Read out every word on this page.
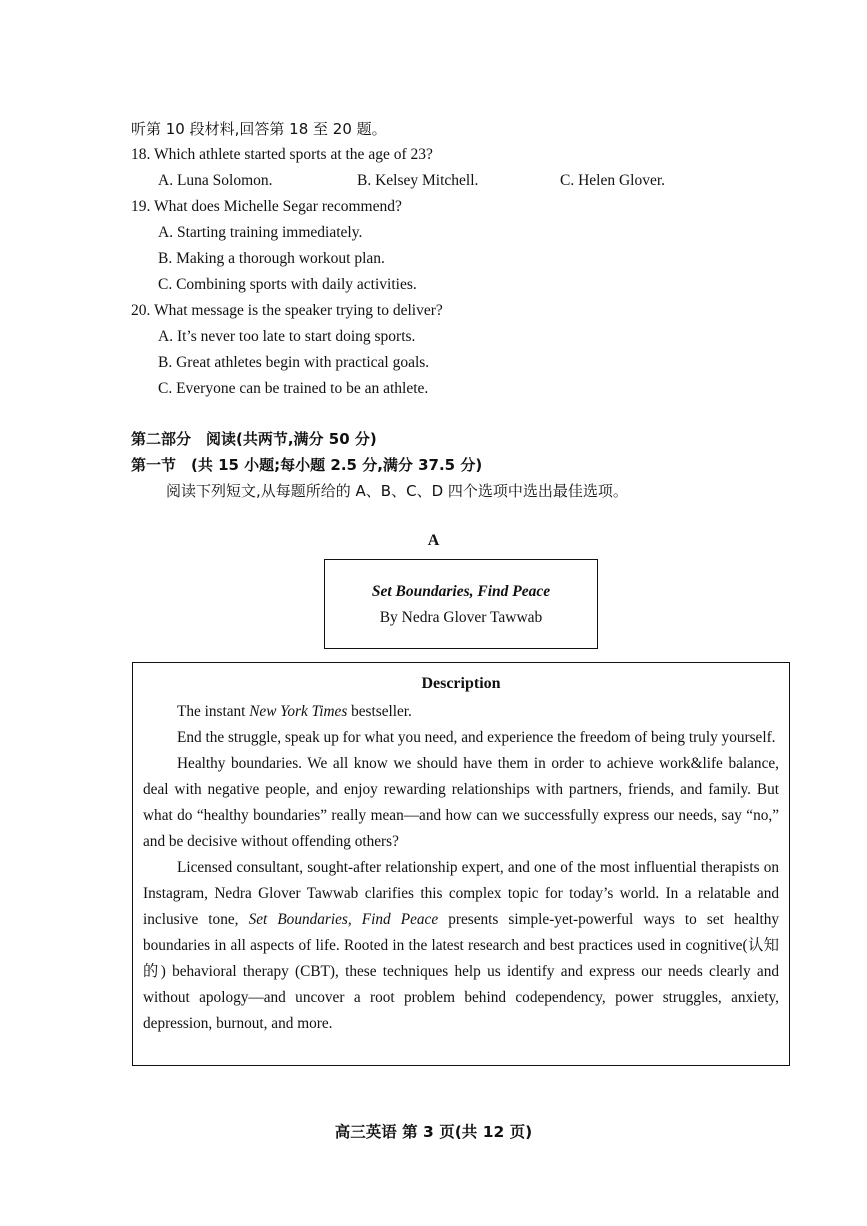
听第 10 段材料,回答第 18 至 20 题。
18. Which athlete started sports at the age of 23?
A. Luna Solomon.	B. Kelsey Mitchell.	C. Helen Glover.
19. What does Michelle Segar recommend?
A. Starting training immediately.
B. Making a thorough workout plan.
C. Combining sports with daily activities.
20. What message is the speaker trying to deliver?
A. It’s never too late to start doing sports.
B. Great athletes begin with practical goals.
C. Everyone can be trained to be an athlete.
第二部分　阅读(共两节,满分 50 分)
第一节　(共 15 小题;每小题 2.5 分,满分 37.5 分)
阅读下列短文,从每题所给的 A、B、C、D 四个选项中选出最佳选项。
A
Set Boundaries, Find Peace
By Nedra Glover Tawwab
Description

The instant New York Times bestseller.

End the struggle, speak up for what you need, and experience the freedom of being truly yourself.

Healthy boundaries. We all know we should have them in order to achieve work&life balance, deal with negative people, and enjoy rewarding relationships with partners, friends, and family. But what do “healthy boundaries” really mean—and how can we successfully express our needs, say “no,” and be decisive without offending others?

Licensed consultant, sought-after relationship expert, and one of the most influential therapists on Instagram, Nedra Glover Tawwab clarifies this complex topic for today’s world. In a relatable and inclusive tone, Set Boundaries, Find Peace presents simple-yet-powerful ways to set healthy boundaries in all aspects of life. Rooted in the latest research and best practices used in cognitive(认知的) behavioral therapy (CBT), these techniques help us identify and express our needs clearly and without apology—and uncover a root problem behind codependency, power struggles, anxiety, depression, burnout, and more.

高三英语 第 3 页(共 12 页)
